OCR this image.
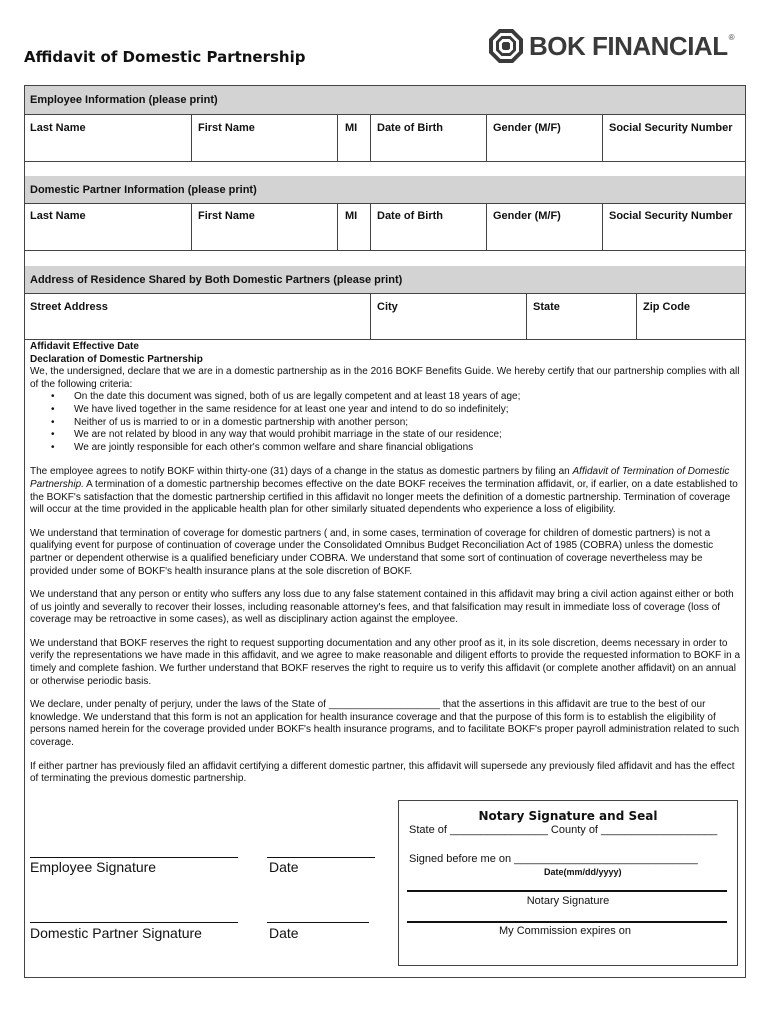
Affidavit of Domestic Partnership	BOK FINANCIAL®
Employee Information (please print)
Last Name	First Name	MI Date of Birth	Gender (M/F)	Social Security Number
Domestic Partner Information (please print)
Last Name	First Name	MI Date of Birth	Gender (M/F)	Social Security Number
Address of Residence Shared by Both Domestic Partners (please print)
Street Address	City	State	Zip Code
Affidavit Effective Date
Declaration of Domestic Partnership
We, the undersigned, declare that we are in a domestic partnership as in the 2016 BOKF Benefits Guide. We hereby certify that our partnership complies with all of the following criteria:
• On the date this document was signed, both of us are legally competent and at least 18 years of age;
• We have lived together in the same residence for at least one year and intend to do so indefinitely;
• Neither of us is married to or in a domestic partnership with another person;
• We are not related by blood in any way that would prohibit marriage in the state of our residence;
• We are jointly responsible for each other's common welfare and share financial obligations

The employee agrees to notify BOKF within thirty-one (31) days of a change in the status as domestic partners by filing an Affidavit of Termination of Domestic Partnership. A termination of a domestic partnership becomes effective on the date BOKF receives the termination affidavit, or, if earlier, on a date established to the BOKF's satisfaction that the domestic partnership certified in this affidavit no longer meets the definition of a domestic partnership. Termination of coverage will occur at the time provided in the applicable health plan for other similarly situated dependents who experience a loss of eligibility.

We understand that termination of coverage for domestic partners ( and, in some cases, termination of coverage for children of domestic partners) is not a qualifying event for purpose of continuation of coverage under the Consolidated Omnibus Budget Reconciliation Act of 1985 (COBRA) unless the domestic partner or dependent otherwise is a qualified beneficiary under COBRA. We understand that some sort of continuation of coverage nevertheless may be provided under some of BOKF's health insurance plans at the sole discretion of BOKF.

We understand that any person or entity who suffers any loss due to any false statement contained in this affidavit may bring a civil action against either or both of us jointly and severally to recover their losses, including reasonable attorney's fees, and that falsification may result in immediate loss of coverage (loss of coverage may be retroactive in some cases), as well as disciplinary action against the employee.

We understand that BOKF reserves the right to request supporting documentation and any other proof as it, in its sole discretion, deems necessary in order to verify the representations we have made in this affidavit, and we agree to make reasonable and diligent efforts to provide the requested information to BOKF in a timely and complete fashion. We further understand that BOKF reserves the right to require us to verify this affidavit (or complete another affidavit) on an annual or otherwise periodic basis.

We declare, under penalty of perjury, under the laws of the State of ____________________ that the assertions in this affidavit are true to the best of our knowledge. We understand that this form is not an application for health insurance coverage and that the purpose of this form is to establish the eligibility of persons named herein for the coverage provided under BOKF's health insurance programs, and to facilitate BOKF's proper payroll administration related to such coverage.

If either partner has previously filed an affidavit certifying a different domestic partner, this affidavit will supersede any previously filed affidavit and has the effect of terminating the previous domestic partnership.

Employee Signature	Date
Domestic Partner Signature	Date
Notary Signature and Seal
State of ________________ County of ___________________
Signed before me on ______________________________
Date(mm/dd/yyyy)
Notary Signature
My Commission expires on
